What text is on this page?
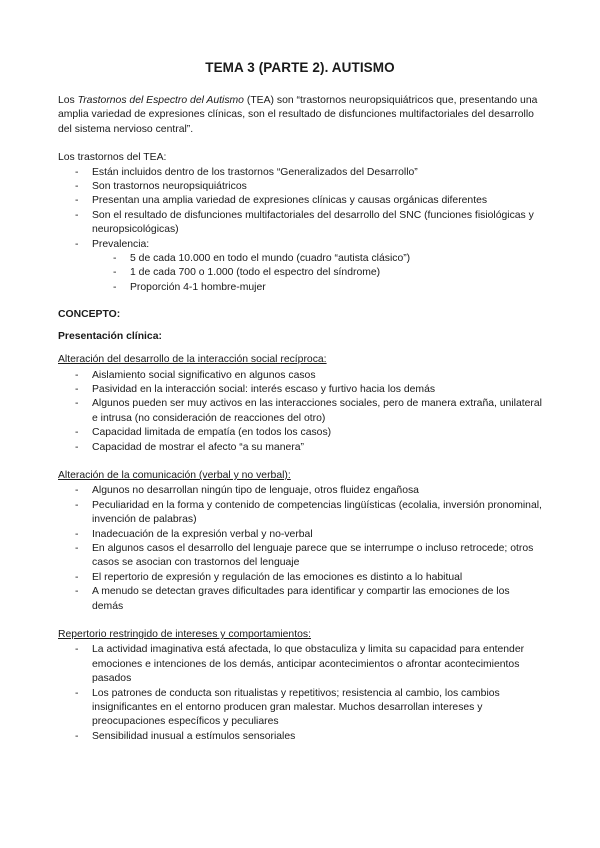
TEMA 3 (PARTE 2). AUTISMO

Los Trastornos del Espectro del Autismo (TEA) son “trastornos neuropsiquiátricos que, presentando una amplia variedad de expresiones clínicas, son el resultado de disfunciones multifactoriales del desarrollo del sistema nervioso central”.

Los trastornos del TEA:

- Están incluidos dentro de los trastornos “Generalizados del Desarrollo”
- Son trastornos neuropsiquiátricos
- Presentan una amplia variedad de expresiones clínicas y causas orgánicas diferentes
- Son el resultado de disfunciones multifactoriales del desarrollo del SNC (funciones fisiológicas y neuropsicológicas)
- Prevalencia:
- 5 de cada 10.000 en todo el mundo (cuadro “autista clásico”)
- 1 de cada 700 o 1.000 (todo el espectro del síndrome)
- Proporción 4-1 hombre-mujer

CONCEPTO:

Presentación clínica:

Alteración del desarrollo de la interacción social recíproca:

- Aislamiento social significativo en algunos casos
- Pasividad en la interacción social: interés escaso y furtivo hacia los demás
- Algunos pueden ser muy activos en las interacciones sociales, pero de manera extraña, unilateral e intrusa (no consideración de reacciones del otro)
- Capacidad limitada de empatía (en todos los casos)
- Capacidad de mostrar el afecto “a su manera”

Alteración de la comunicación (verbal y no verbal):

- Algunos no desarrollan ningún tipo de lenguaje, otros fluidez engañosa
- Peculiaridad en la forma y contenido de competencias lingüísticas (ecolalia, inversión pronominal, invención de palabras)
- Inadecuación de la expresión verbal y no-verbal
- En algunos casos el desarrollo del lenguaje parece que se interrumpe o incluso retrocede; otros casos se asocian con trastornos del lenguaje
- El repertorio de expresión y regulación de las emociones es distinto a lo habitual
- A menudo se detectan graves dificultades para identificar y compartir las emociones de los demás

Repertorio restringido de intereses y comportamientos:

- La actividad imaginativa está afectada, lo que obstaculiza y limita su capacidad para entender emociones e intenciones de los demás, anticipar acontecimientos o afrontar acontecimientos pasados
- Los patrones de conducta son ritualistas y repetitivos; resistencia al cambio, los cambios insignificantes en el entorno producen gran malestar. Muchos desarrollan intereses y preocupaciones específicos y peculiares
- Sensibilidad inusual a estímulos sensoriales
